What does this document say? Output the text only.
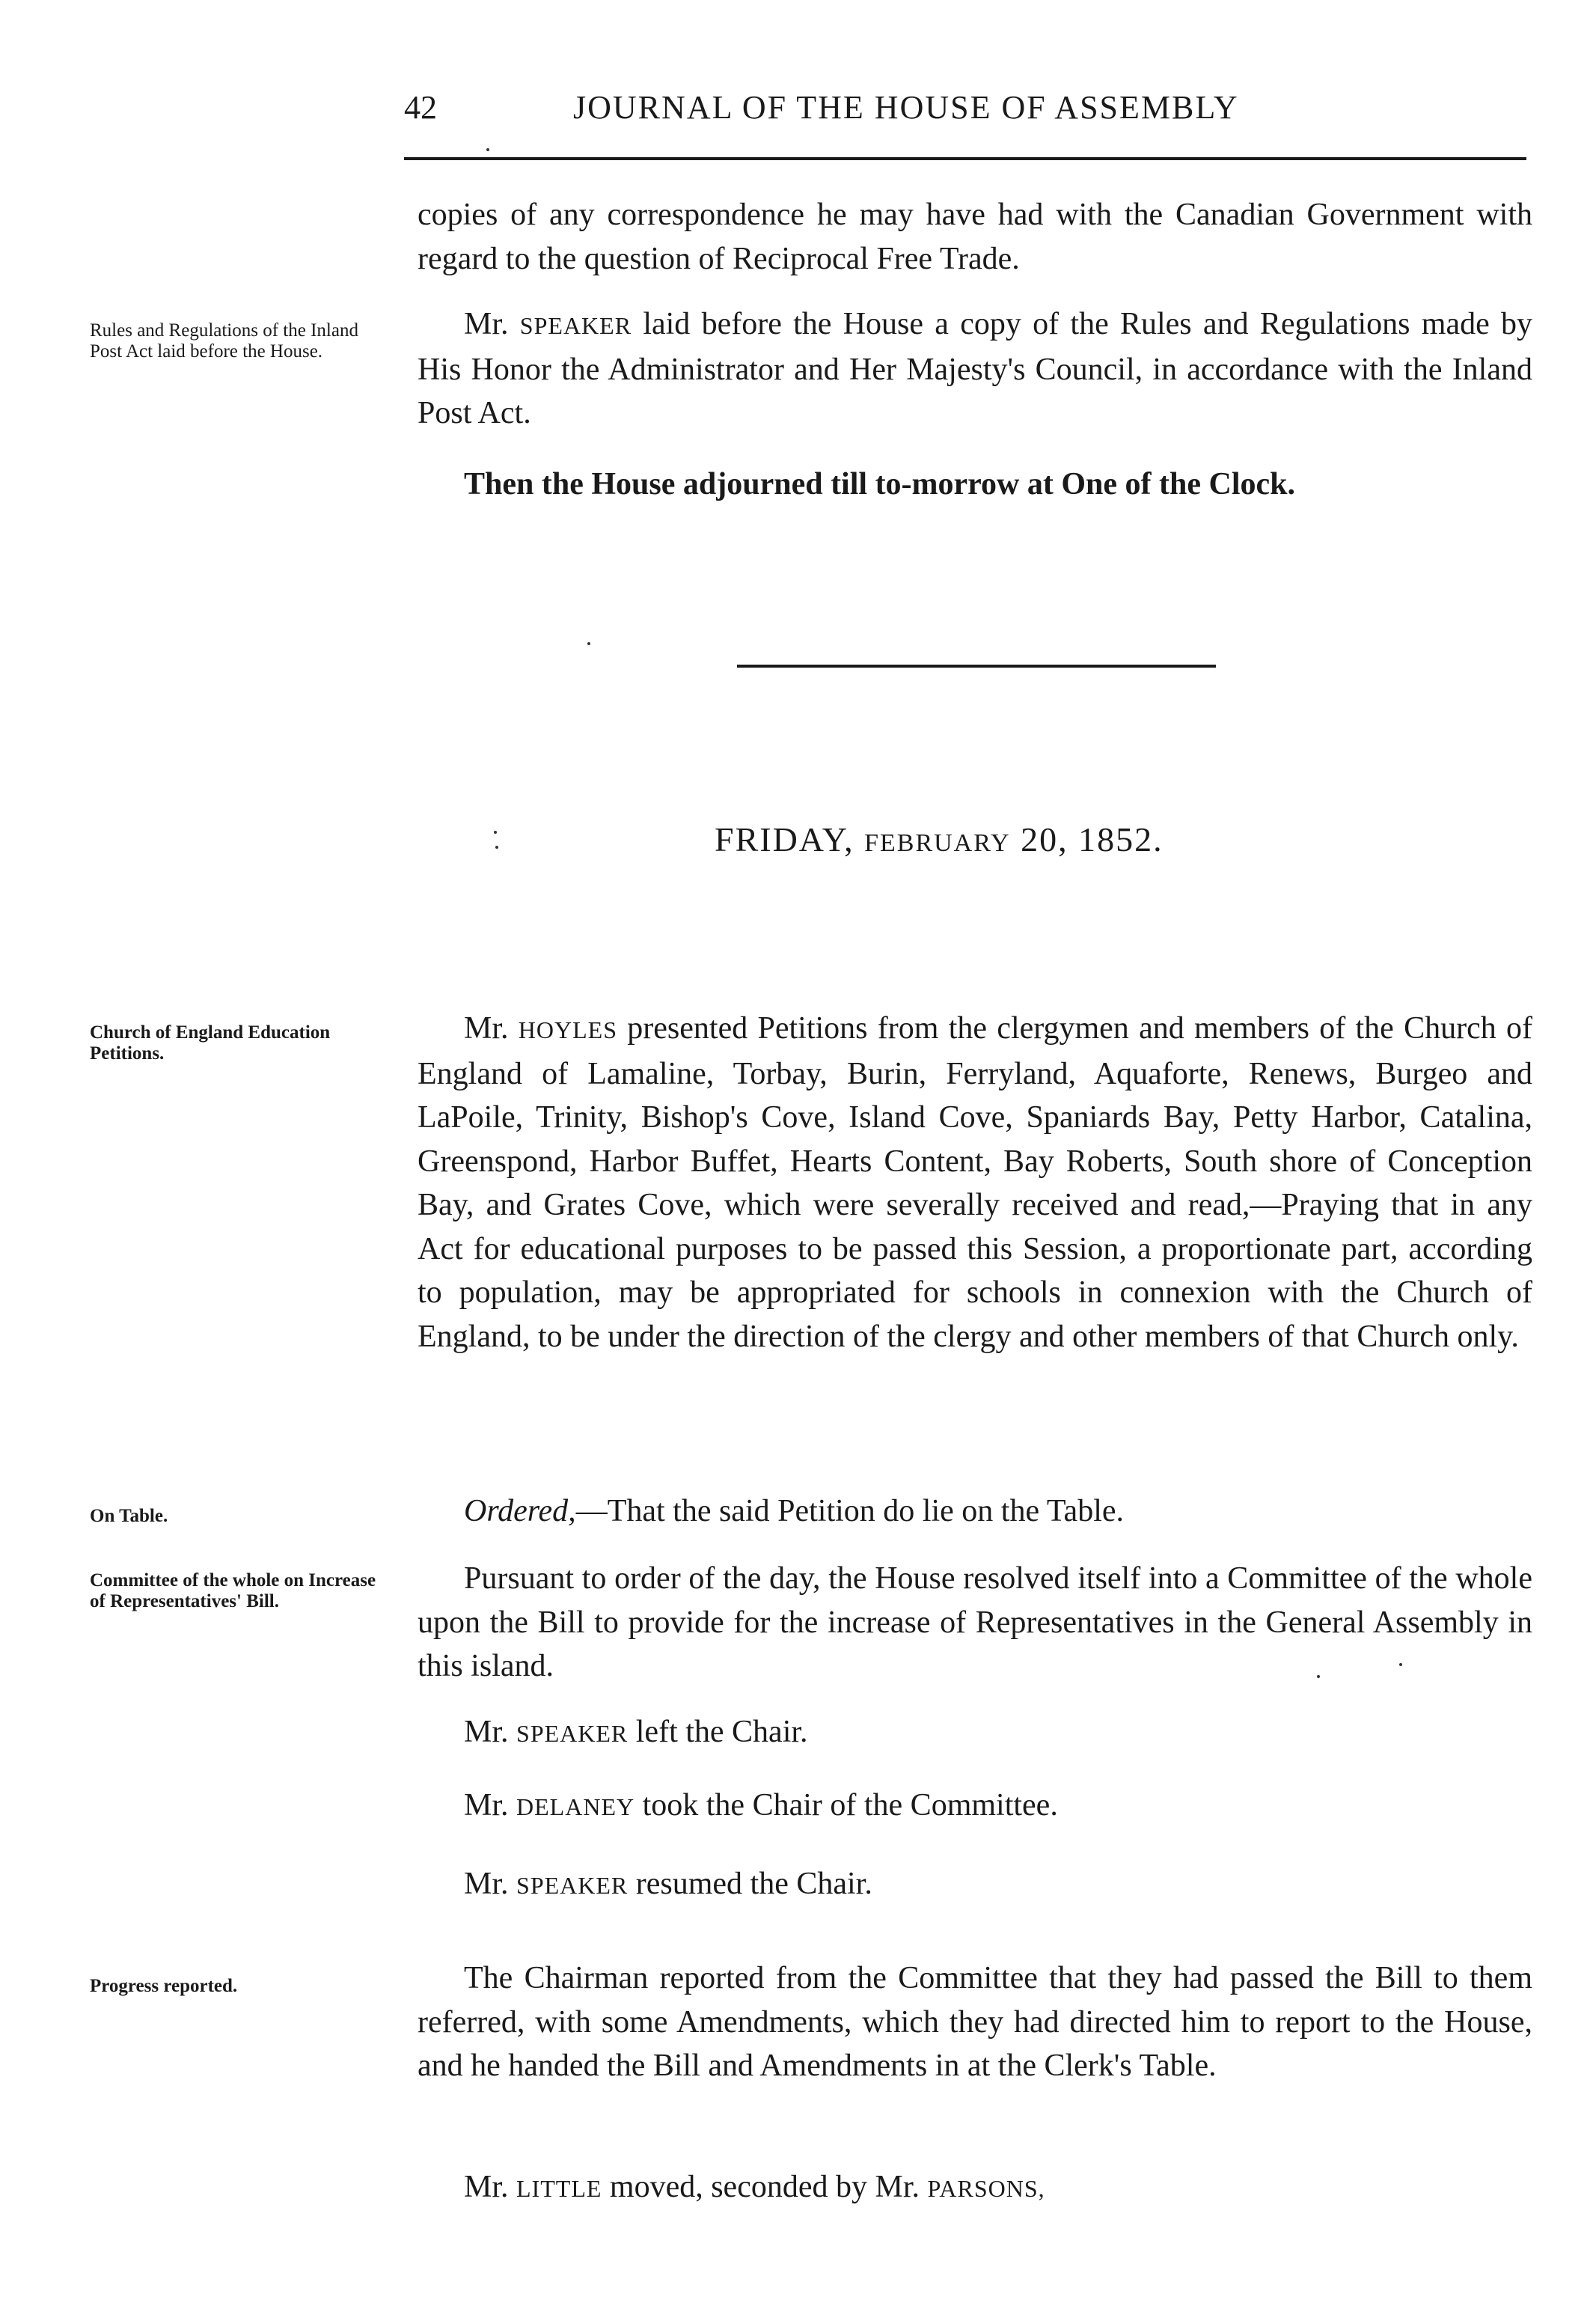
42	JOURNAL OF THE HOUSE OF ASSEMBLY
Rules and Regulations of the Inland Post Act laid before the House.
Church of England Education Petitions.
On Table.
Committee of the whole on Increase of Representatives' Bill.
Progress reported.
copies of any correspondence he may have had with the Canadian Government with regard to the question of Reciprocal Free Trade.
Mr. SPEAKER laid before the House a copy of the Rules and Regulations made by His Honor the Administrator and Her Majesty's Council, in accordance with the Inland Post Act.
Then the House adjourned till to-morrow at One of the Clock.
FRIDAY, FEBRUARY 20, 1852.
Mr. HOYLES presented Petitions from the clergymen and members of the Church of England of Lamaline, Torbay, Burin, Ferryland, Aquaforte, Renews, Burgeo and LaPoile, Trinity, Bishop's Cove, Island Cove, Spaniards Bay, Petty Harbor, Catalina, Greenspond, Harbor Buffet, Hearts Content, Bay Roberts, South shore of Conception Bay, and Grates Cove, which were severally received and read,—Praying that in any Act for educational purposes to be passed this Session, a proportionate part, according to population, may be appropriated for schools in connexion with the Church of England, to be under the direction of the clergy and other members of that Church only.
Ordered,—That the said Petition do lie on the Table.
Pursuant to order of the day, the House resolved itself into a Committee of the whole upon the Bill to provide for the increase of Representatives in the General Assembly in this island.
Mr. SPEAKER left the Chair.
Mr. DELANEY took the Chair of the Committee.
Mr. SPEAKER resumed the Chair.
The Chairman reported from the Committee that they had passed the Bill to them referred, with some Amendments, which they had directed him to report to the House, and he handed the Bill and Amendments in at the Clerk's Table.
Mr. LITTLE moved, seconded by Mr. PARSONS,
